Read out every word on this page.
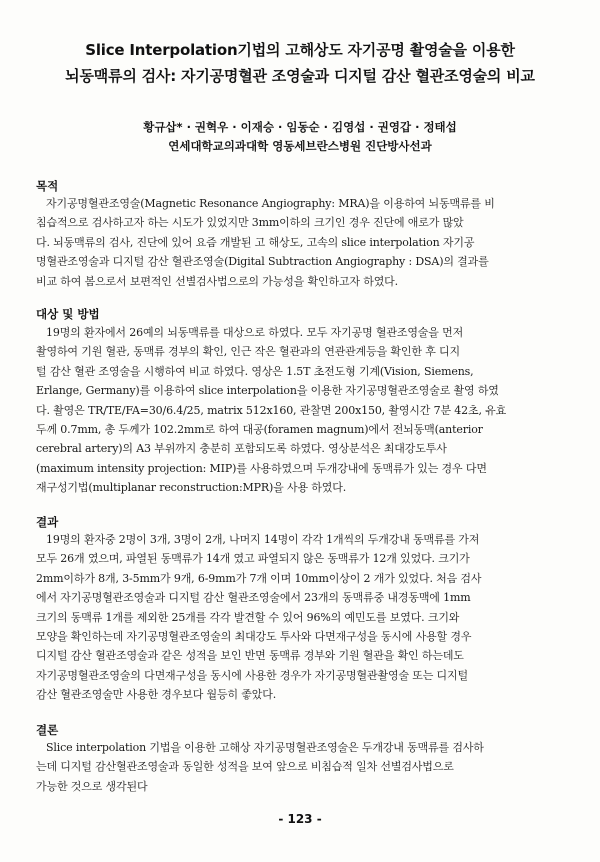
Slice Interpolation기법의 고해상도 자기공명 촬영술을 이용한
뇌동맥류의 검사: 자기공명혈관 조영술과 디지털 감산 혈관조영술의 비교
황규삽* · 권혁우 · 이재승 · 임동순 · 김영섭 · 권영갑 · 정태섭
연세대학교의과대학 영동세브란스병원 진단방사선과
목적
자기공명혈관조영술(Magnetic Resonance Angiography: MRA)을 이용하여 뇌동맥류를 비
침습적으로 검사하고자 하는 시도가 있었지만 3mm이하의 크기인 경우 진단에 애로가 많았
다. 뇌동맥류의 검사, 진단에 있어 요즘 개발된 고 해상도, 고속의 slice interpolation 자기공
명혈관조영술과 디지털 감산 혈관조영술(Digital Subtraction Angiography : DSA)의 결과를
비교 하여 봄으로서 보편적인 선별검사법으로의 가능성을 확인하고자 하였다.
대상 및 방법
19명의 환자에서 26예의 뇌동맥류를 대상으로 하였다. 모두 자기공명 혈관조영술을 먼저
촬영하여 기원 혈관, 동맥류 경부의 확인, 인근 작은 혈관과의 연관관계등을 확인한 후 디지
털 감산 혈관 조영술을 시행하여 비교 하였다. 영상은 1.5T 초전도형 기계(Vision, Siemens,
Erlange, Germany)를 이용하여 slice interpolation을 이용한 자기공명혈관조영술로 촬영 하였
다. 촬영은 TR/TE/FA=30/6.4/25, matrix 512x160, 관찰면 200x150, 촬영시간 7분 42초, 유효
두께 0.7mm, 총 두께가 102.2mm로 하여 대공(foramen magnum)에서 전뇌동맥(anterior
cerebral artery)의 A3 부위까지 충분히 포함되도록 하였다. 영상분석은 최대강도투사
(maximum intensity projection: MIP)를 사용하였으며 두개강내에 동맥류가 있는 경우 다면
재구성기법(multiplanar reconstruction:MPR)을 사용 하였다.
결과
19명의 환자중 2명이 3개, 3명이 2개, 나머지 14명이 각각 1개씩의 두개강내 동맥류를 가져
모두 26개 였으며, 파열된 동맥류가 14개 였고 파열되지 않은 동맥류가 12개 있었다. 크기가
2mm이하가 8개, 3-5mm가 9개, 6-9mm가 7개 이며 10mm이상이 2 개가 있었다. 처음 검사
에서 자기공명혈관조영술과 디지털 감산 혈관조영술에서 23개의 동맥류중 내경동맥에 1mm
크기의 동맥류 1개를 제외한 25개를 각각 발견할 수 있어 96%의 예민도를 보였다. 크기와
모양을 확인하는데 자기공명혈관조영술의 최대강도 투사와 다면재구성을 동시에 사용할 경우
디지털 감산 혈관조영술과 같은 성적을 보인 반면 동맥류 경부와 기원 혈관을 확인 하는데도
자기공명혈관조영술의 다면재구성을 동시에 사용한 경우가 자기공명혈관촬영술 또는 디지털
감산 혈관조영술만 사용한 경우보다 월등히 좋았다.
결론
Slice interpolation 기법을 이용한 고해상 자기공명혈관조영술은 두개강내 동맥류를 검사하
는데 디지털 감산혈관조영술과 동일한 성적을 보여 앞으로 비침습적 일차 선별검사법으로
가능한 것으로 생각된다
- 123 -
